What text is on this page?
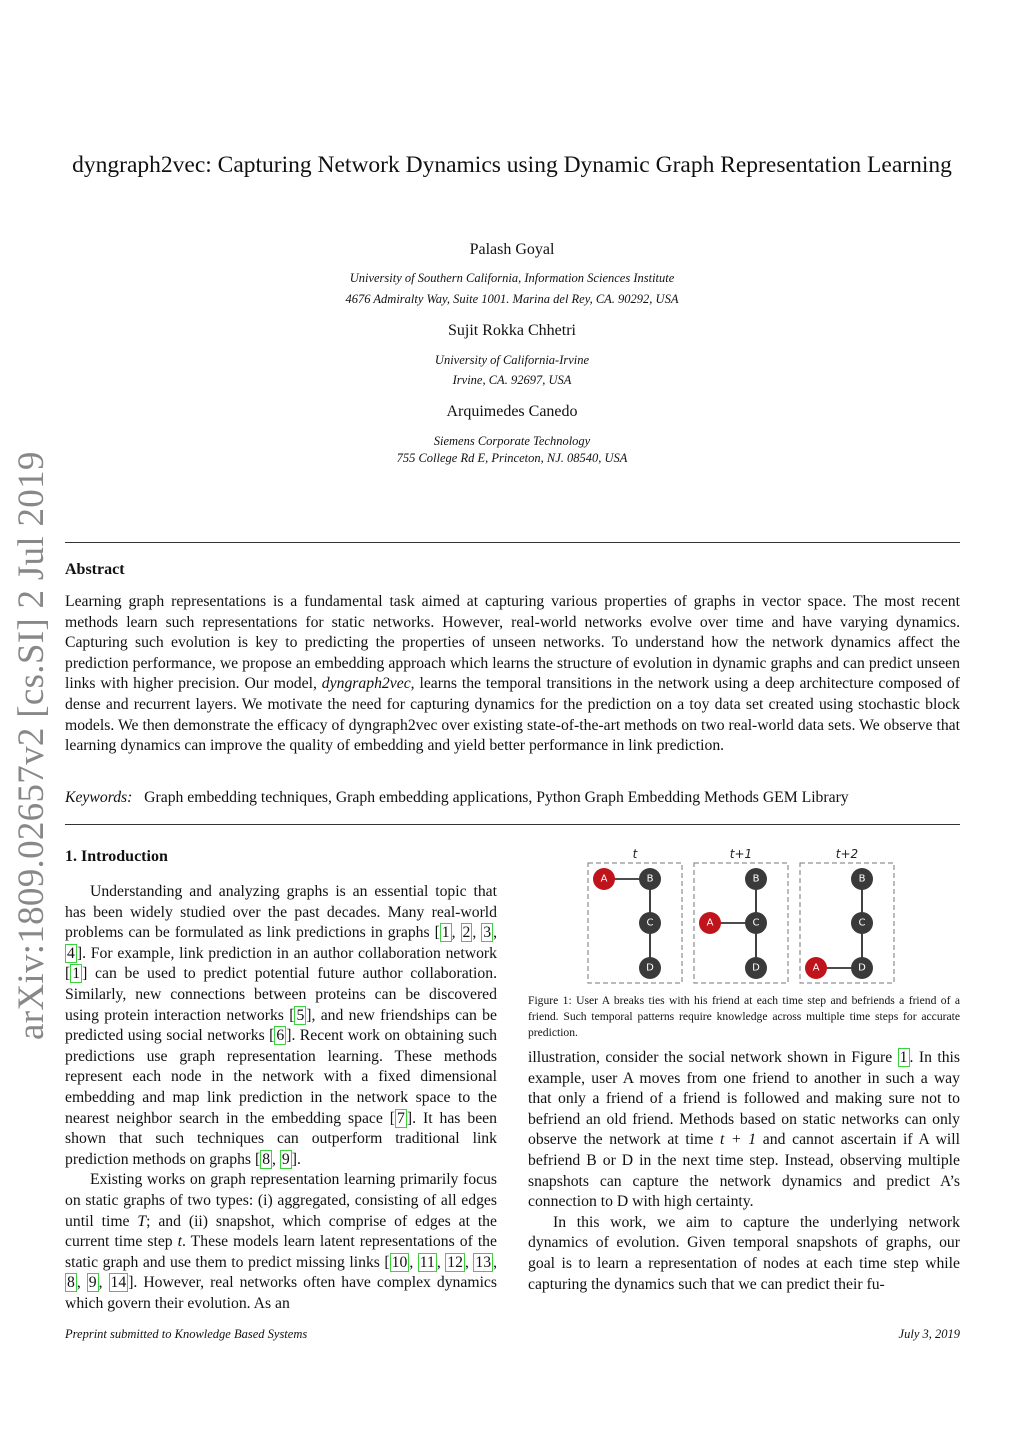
arXiv:1809.02657v2 [cs.SI] 2 Jul 2019
dyngraph2vec: Capturing Network Dynamics using Dynamic Graph Representation Learning
Palash Goyal
University of Southern California, Information Sciences Institute
4676 Admiralty Way, Suite 1001. Marina del Rey, CA. 90292, USA
Sujit Rokka Chhetri
University of California-Irvine
Irvine, CA. 92697, USA
Arquimedes Canedo
Siemens Corporate Technology
755 College Rd E, Princeton, NJ. 08540, USA
Abstract
Learning graph representations is a fundamental task aimed at capturing various properties of graphs in vector space. The most recent methods learn such representations for static networks. However, real-world networks evolve over time and have varying dynamics. Capturing such evolution is key to predicting the properties of unseen networks. To understand how the network dynamics affect the prediction performance, we propose an embedding approach which learns the structure of evolution in dynamic graphs and can predict unseen links with higher precision. Our model, dyngraph2vec, learns the temporal transitions in the network using a deep architecture composed of dense and recurrent layers. We motivate the need for capturing dynamics for the prediction on a toy data set created using stochastic block models. We then demonstrate the efficacy of dyngraph2vec over existing state-of-the-art methods on two real-world data sets. We observe that learning dynamics can improve the quality of embedding and yield better performance in link prediction.
Keywords: Graph embedding techniques, Graph embedding applications, Python Graph Embedding Methods GEM Library
1. Introduction

Understanding and analyzing graphs is an essential topic that has been widely studied over the past decades. Many real-world problems can be formulated as link predictions in graphs [ 1 , 2 , 3 , 4 ]. For example, link prediction in an author collaboration network [ 1 ] can be used to predict potential future author collaboration. Similarly, new connections between proteins can be discovered using protein interaction networks [ 5 ], and new friendships can be predicted using social networks [ 6 ]. Recent work on obtaining such predictions use graph representation learning. These methods represent each node in the network with a fixed dimensional embedding and map link prediction in the network space to the nearest neighbor search in the embedding space [ 7 ]. It has been shown that such techniques can outperform traditional link prediction methods on graphs [ 8 , 9 ].

Existing works on graph representation learning primarily focus on static graphs of two types: (i) aggregated, consisting of all edges until time T; and (ii) snapshot, which comprise of edges at the current time step t. These models learn latent representations of the static graph and use them to predict missing links [ 10 , 11 , 12 , 13 , 8 , 9 , 14 ]. However, real networks often have complex dynamics which govern their evolution. As an

t
A	B
C
D
t+1
A
B
C
D
t+2
A
B
C
D
Figure 1: User A breaks ties with his friend at each time step and befriends a friend of a friend. Such temporal patterns require knowledge across multiple time steps for accurate prediction.

illustration, consider the social network shown in Figure 1 . In this example, user A moves from one friend to another in such a way that only a friend of a friend is followed and making sure not to befriend an old friend. Methods based on static networks can only observe the network at time t + 1 and cannot ascertain if A will befriend B or D in the next time step. Instead, observing multiple snapshots can capture the network dynamics and predict A’s connection to D with high certainty.

In this work, we aim to capture the underlying network dynamics of evolution. Given temporal snapshots of graphs, our goal is to learn a representation of nodes at each time step while capturing the dynamics such that we can predict their fu-

Preprint submitted to Knowledge Based Systems	July 3, 2019
